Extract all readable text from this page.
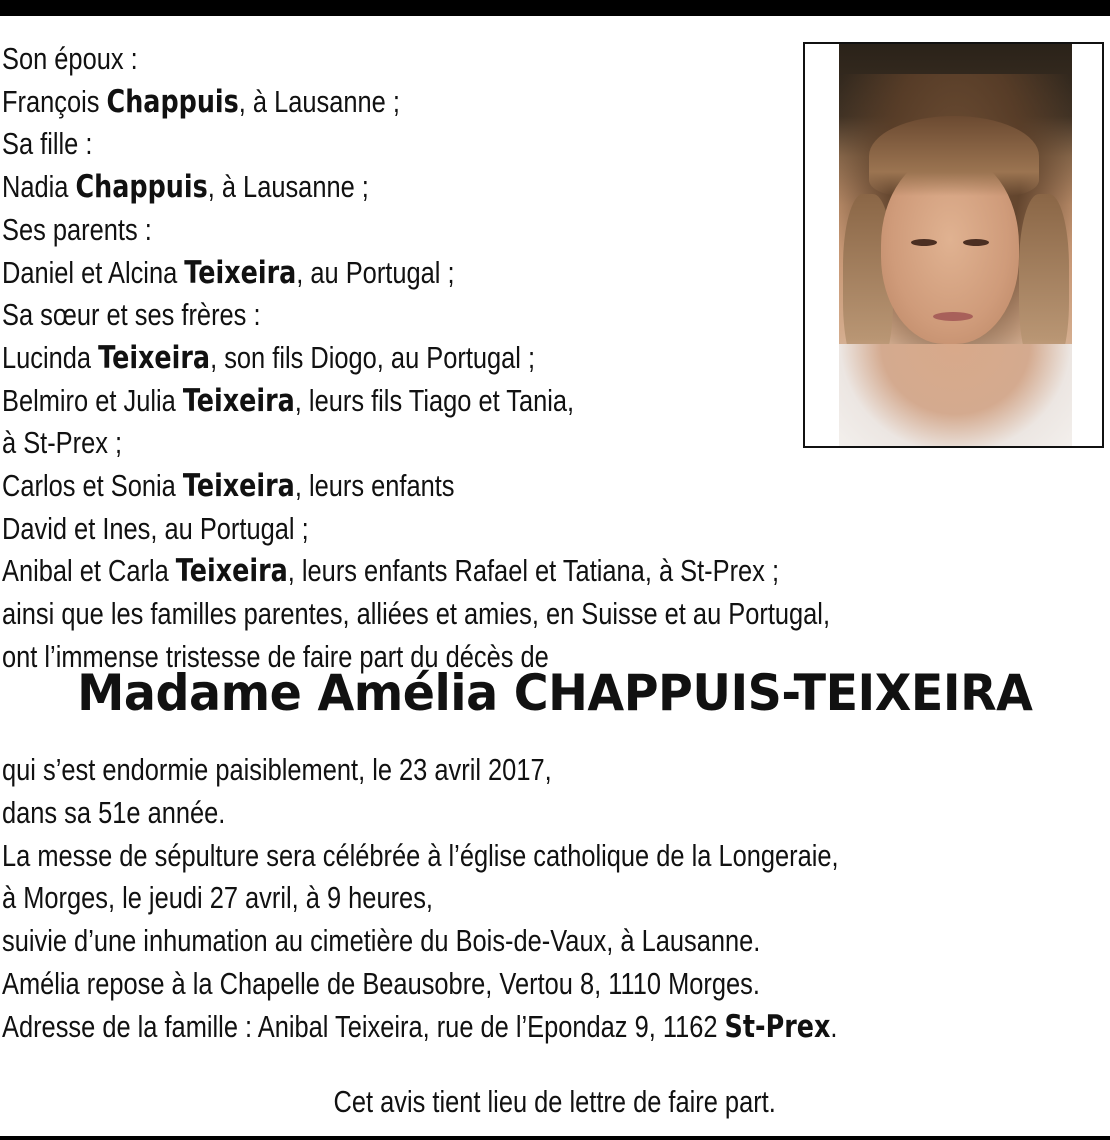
Son époux :
François Chappuis, à Lausanne ;
Sa fille :
Nadia Chappuis, à Lausanne ;
Ses parents :
Daniel et Alcina Teixeira, au Portugal ;
Sa sœur et ses frères :
Lucinda Teixeira, son fils Diogo, au Portugal ;
Belmiro et Julia Teixeira, leurs fils Tiago et Tania,
à St-Prex ;
Carlos et Sonia Teixeira, leurs enfants
David et Ines, au Portugal ;
Anibal et Carla Teixeira, leurs enfants Rafael et Tatiana, à St-Prex ;
ainsi que les familles parentes, alliées et amies, en Suisse et au Portugal,
ont l’immense tristesse de faire part du décès de
Madame Amélia CHAPPUIS-TEIXEIRA
qui s’est endormie paisiblement, le 23 avril 2017,
dans sa 51e année.
La messe de sépulture sera célébrée à l’église catholique de la Longeraie,
à Morges, le jeudi 27 avril, à 9 heures,
suivie d’une inhumation au cimetière du Bois-de-Vaux, à Lausanne.
Amélia repose à la Chapelle de Beausobre, Vertou 8, 1110 Morges.
Adresse de la famille : Anibal Teixeira, rue de l’Epondaz 9, 1162 St-Prex.
Cet avis tient lieu de lettre de faire part.
